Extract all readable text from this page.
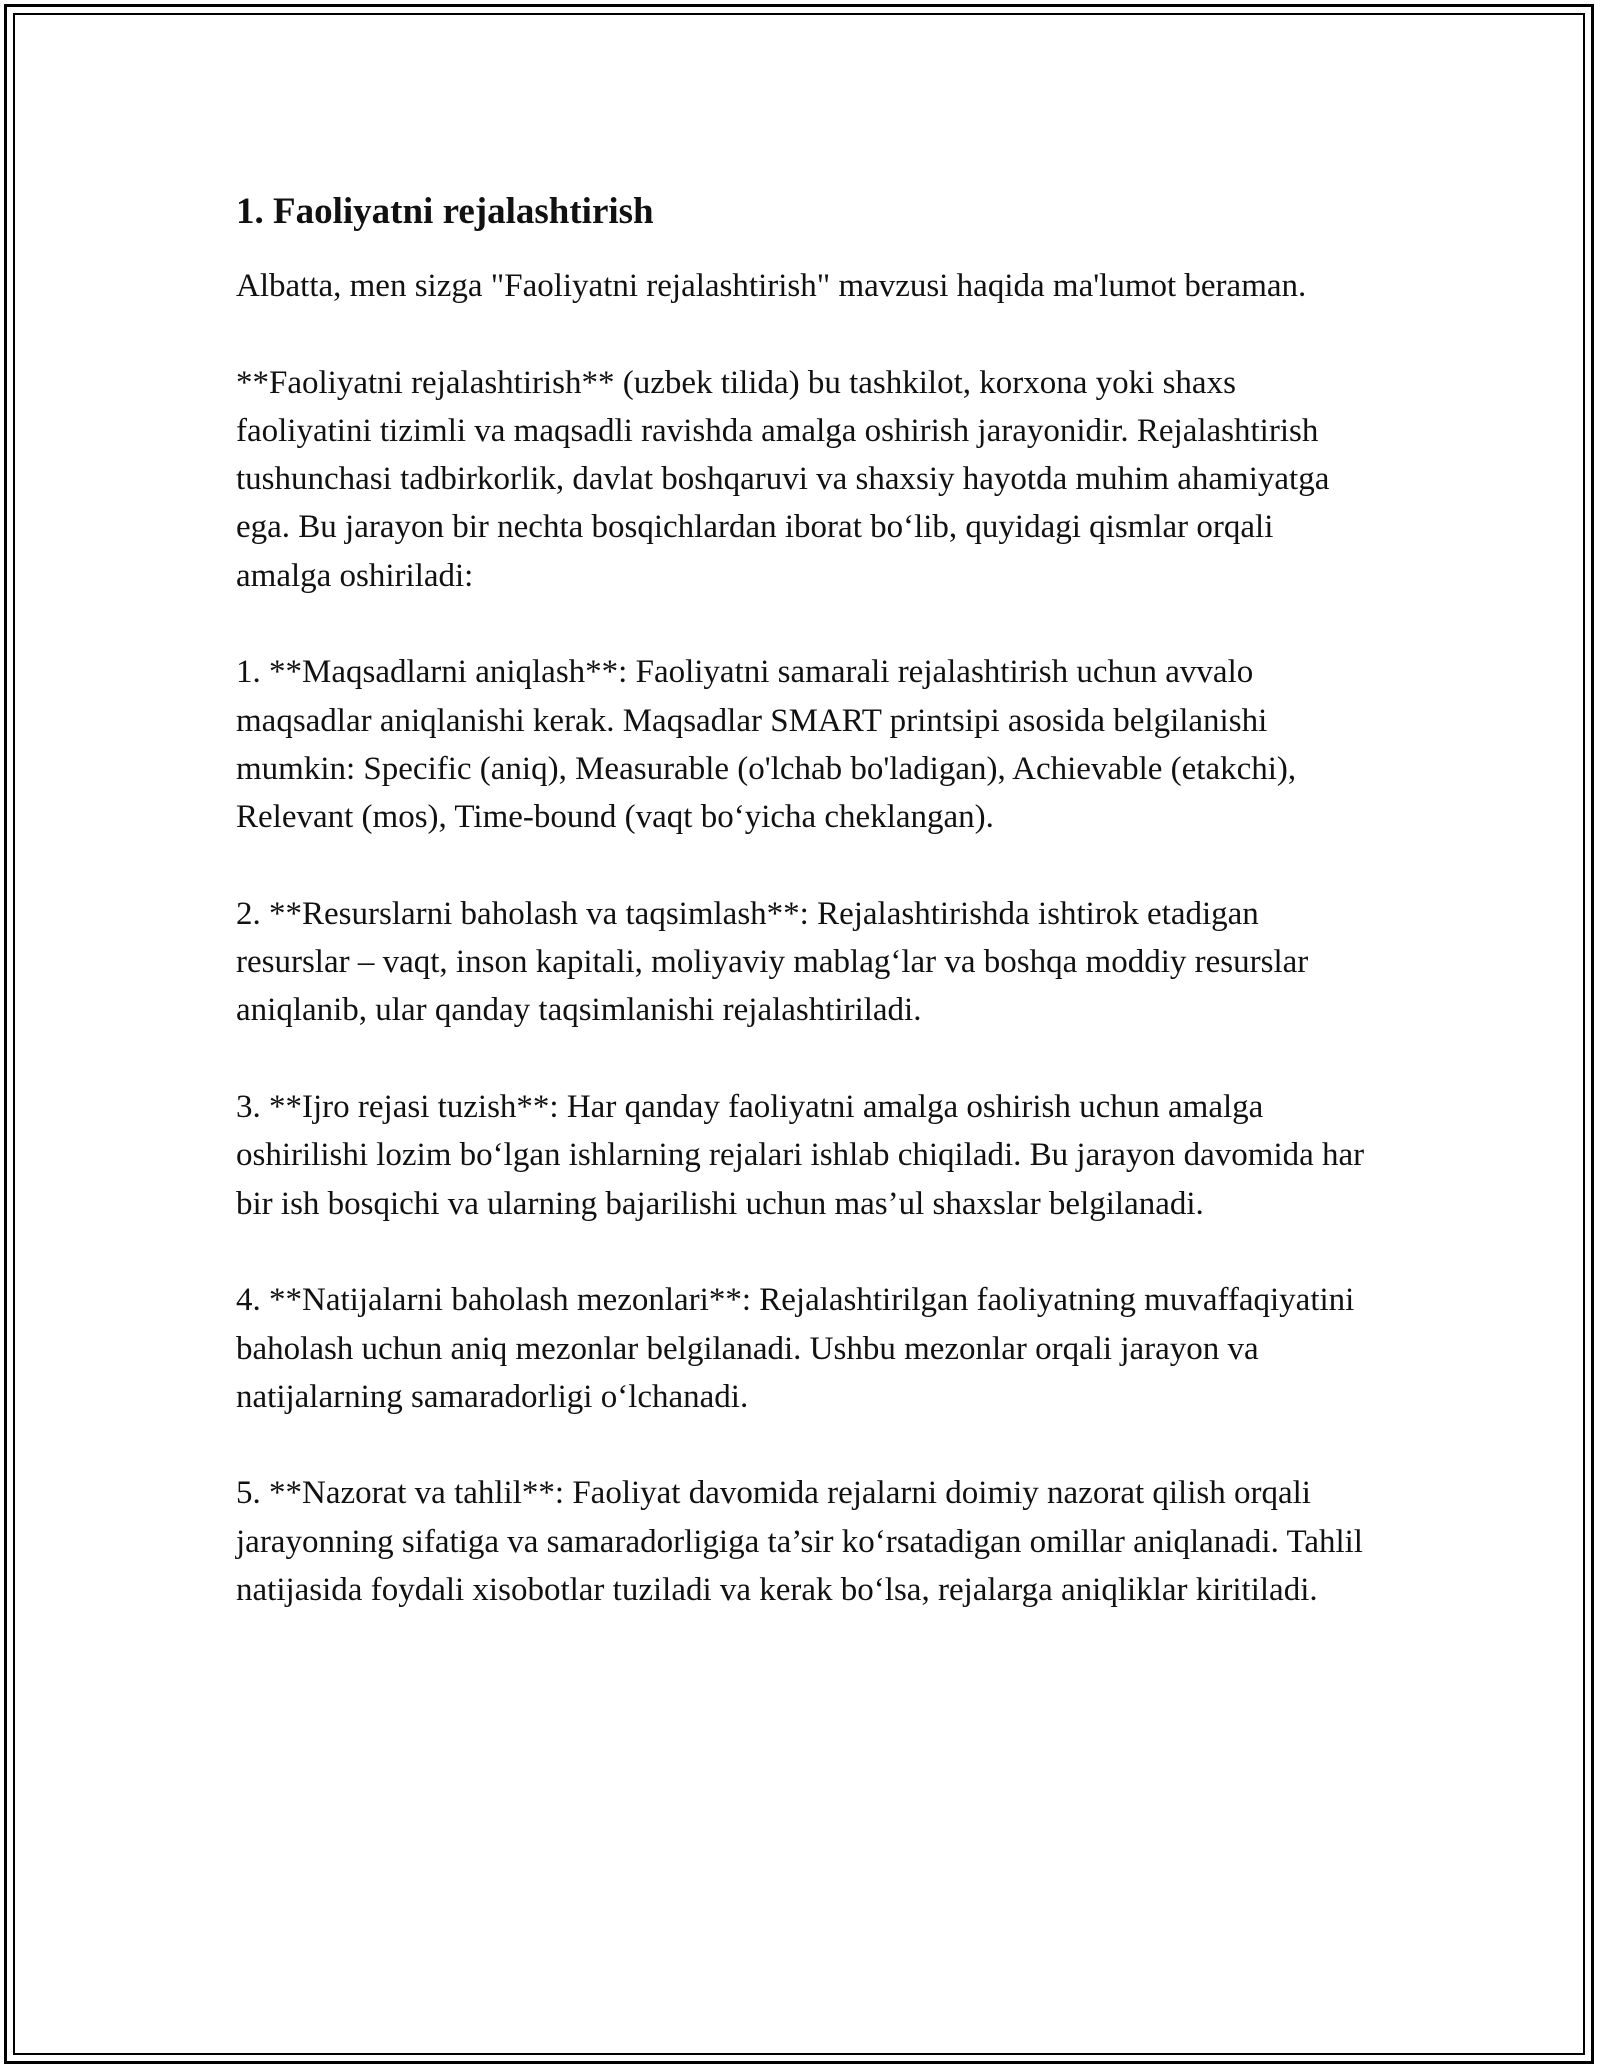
1. Faoliyatni rejalashtirish

Albatta, men sizga "Faoliyatni rejalashtirish" mavzusi haqida ma'lumot beraman.

**Faoliyatni rejalashtirish** (uzbek tilida) bu tashkilot, korxona yoki shaxs faoliyatini tizimli va maqsadli ravishda amalga oshirish jarayonidir. Rejalashtirish tushunchasi tadbirkorlik, davlat boshqaruvi va shaxsiy hayotda muhim ahamiyatga ega. Bu jarayon bir nechta bosqichlardan iborat bo‘lib, quyidagi qismlar orqali amalga oshiriladi:

1. **Maqsadlarni aniqlash**: Faoliyatni samarali rejalashtirish uchun avvalo maqsadlar aniqlanishi kerak. Maqsadlar SMART printsipi asosida belgilanishi mumkin: Specific (aniq), Measurable (o'lchab bo'ladigan), Achievable (etakchi), Relevant (mos), Time-bound (vaqt bo‘yicha cheklangan).

2. **Resurslarni baholash va taqsimlash**: Rejalashtirishda ishtirok etadigan resurslar – vaqt, inson kapitali, moliyaviy mablag‘lar va boshqa moddiy resurslar aniqlanib, ular qanday taqsimlanishi rejalashtiriladi.

3. **Ijro rejasi tuzish**: Har qanday faoliyatni amalga oshirish uchun amalga oshirilishi lozim bo‘lgan ishlarning rejalari ishlab chiqiladi. Bu jarayon davomida har bir ish bosqichi va ularning bajarilishi uchun mas’ul shaxslar belgilanadi.

4. **Natijalarni baholash mezonlari**: Rejalashtirilgan faoliyatning muvaffaqiyatini baholash uchun aniq mezonlar belgilanadi. Ushbu mezonlar orqali jarayon va natijalarning samaradorligi o‘lchanadi.

5. **Nazorat va tahlil**: Faoliyat davomida rejalarni doimiy nazorat qilish orqali jarayonning sifatiga va samaradorligiga ta’sir ko‘rsatadigan omillar aniqlanadi. Tahlil natijasida foydali xisobotlar tuziladi va kerak bo‘lsa, rejalarga aniqliklar kiritiladi.
